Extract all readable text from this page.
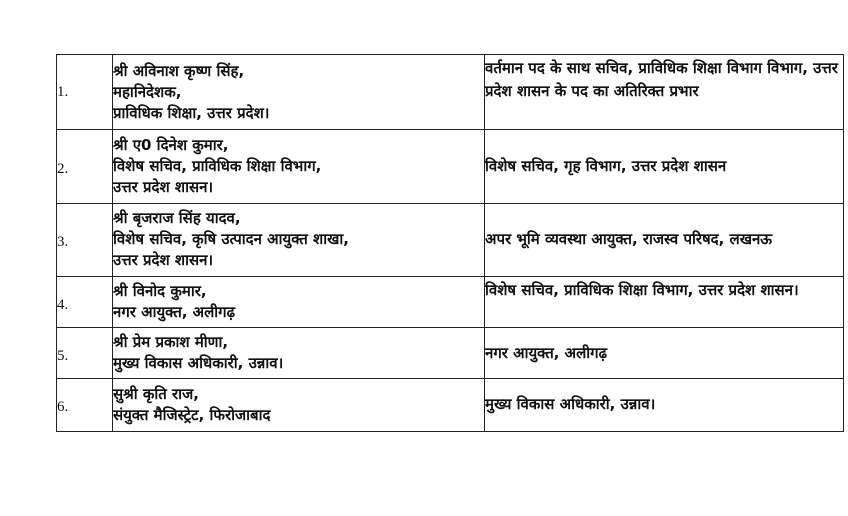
1.	श्री अविनाश कृष्ण सिंह,
महानिदेशक,
प्राविधिक शिक्षा, उत्तर प्रदेश।	वर्तमान पद के साथ सचिव, प्राविधिक शिक्षा विभाग विभाग, उत्तर प्रदेश शासन के पद का अतिरिक्त प्रभार

2.	श्री ए0 दिनेश कुमार,
विशेष सचिव, प्राविधिक शिक्षा विभाग,
उत्तर प्रदेश शासन।	विशेष सचिव, गृह विभाग, उत्तर प्रदेश शासन

3.	श्री बृजराज सिंह यादव,
विशेष सचिव, कृषि उत्पादन आयुक्त शाखा,
उत्तर प्रदेश शासन।	अपर भूमि व्यवस्था आयुक्त, राजस्व परिषद, लखनऊ

4.	श्री विनोद कुमार,
नगर आयुक्त, अलीगढ़	विशेष सचिव, प्राविधिक शिक्षा विभाग, उत्तर प्रदेश शासन।

5.	श्री प्रेम प्रकाश मीणा,
मुख्य विकास अधिकारी, उन्नाव।	नगर आयुक्त, अलीगढ़

6.	सुश्री कृति राज,
संयुक्त मैजिस्ट्रेट, फिरोजाबाद	मुख्य विकास अधिकारी, उन्नाव।
